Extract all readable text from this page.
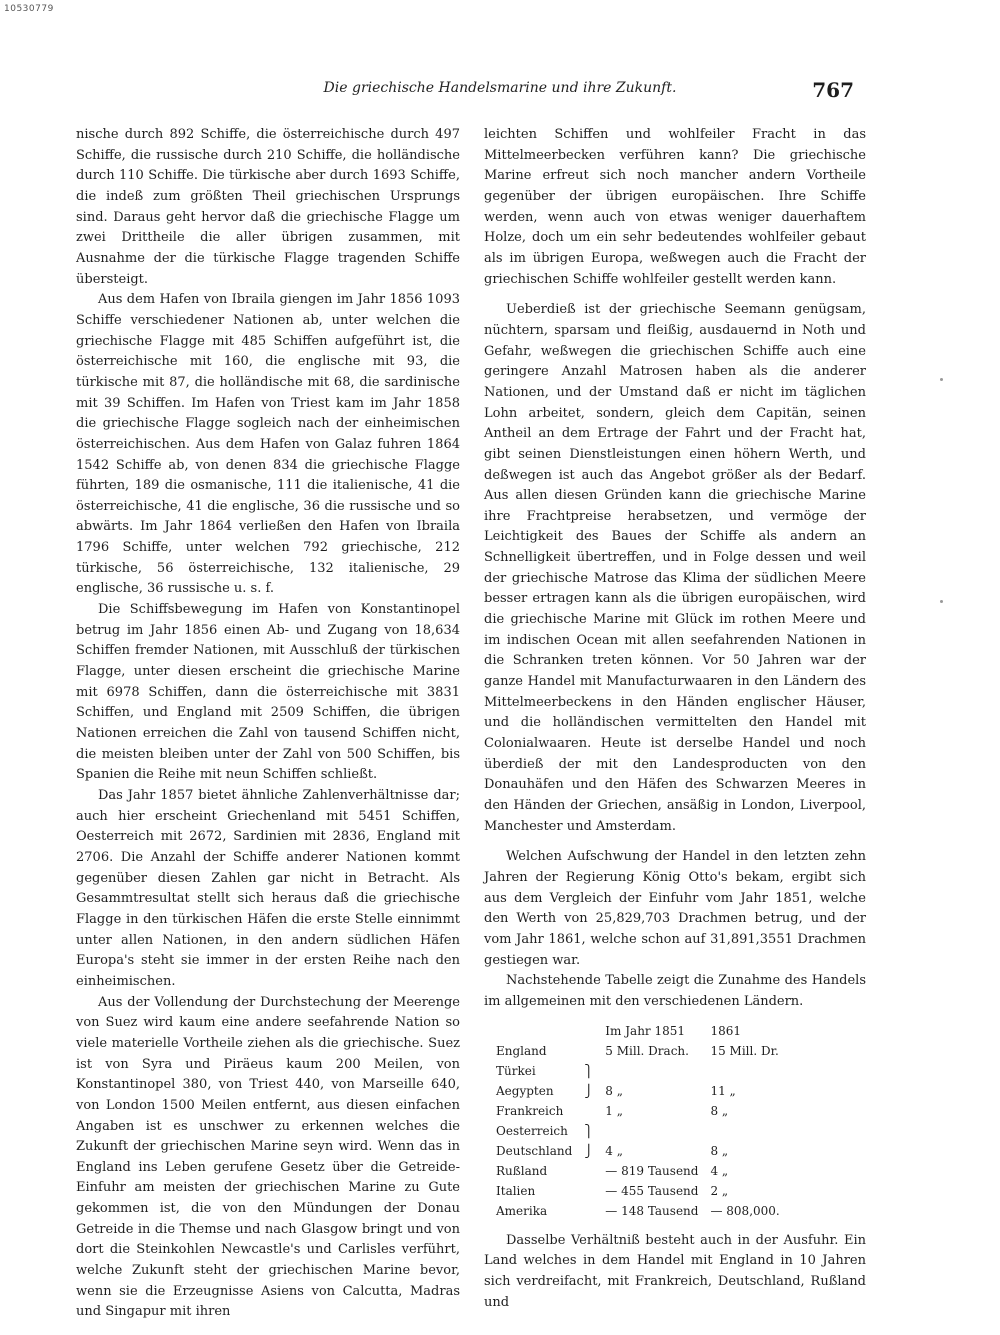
10530779
Die griechische Handelsmarine und ihre Zukunft.	767

nische durch 892 Schiffe, die österreichische durch 497 Schiffe, die russische durch 210 Schiffe, die holländische durch 110 Schiffe. Die türkische aber durch 1693 Schiffe, die indeß zum größten Theil griechischen Ursprungs sind. Daraus geht hervor daß die griechische Flagge um zwei Drittheile die aller übrigen zusammen, mit Ausnahme der die türkische Flagge tragenden Schiffe übersteigt.

Aus dem Hafen von Ibraila giengen im Jahr 1856 1093 Schiffe verschiedener Nationen ab, unter welchen die griechische Flagge mit 485 Schiffen aufgeführt ist, die österreichische mit 160, die englische mit 93, die türkische mit 87, die holländische mit 68, die sardinische mit 39 Schiffen. Im Hafen von Triest kam im Jahr 1858 die griechische Flagge sogleich nach der einheimischen österreichischen. Aus dem Hafen von Galaz fuhren 1864 1542 Schiffe ab, von denen 834 die griechische Flagge führten, 189 die osmanische, 111 die italienische, 41 die österreichische, 41 die englische, 36 die russische und so abwärts. Im Jahr 1864 verließen den Hafen von Ibraila 1796 Schiffe, unter welchen 792 griechische, 212 türkische, 56 österreichische, 132 italienische, 29 englische, 36 russische u. s. f.

Die Schiffsbewegung im Hafen von Konstantinopel betrug im Jahr 1856 einen Ab- und Zugang von 18,634 Schiffen fremder Nationen, mit Ausschluß der türkischen Flagge, unter diesen erscheint die griechische Marine mit 6978 Schiffen, dann die österreichische mit 3831 Schiffen, und England mit 2509 Schiffen, die übrigen Nationen erreichen die Zahl von tausend Schiffen nicht, die meisten bleiben unter der Zahl von 500 Schiffen, bis Spanien die Reihe mit neun Schiffen schließt.

Das Jahr 1857 bietet ähnliche Zahlenverhältnisse dar; auch hier erscheint Griechenland mit 5451 Schiffen, Oesterreich mit 2672, Sardinien mit 2836, England mit 2706. Die Anzahl der Schiffe anderer Nationen kommt gegenüber diesen Zahlen gar nicht in Betracht. Als Gesammtresultat stellt sich heraus daß die griechische Flagge in den türkischen Häfen die erste Stelle einnimmt unter allen Nationen, in den andern südlichen Häfen Europa's steht sie immer in der ersten Reihe nach den einheimischen.

Aus der Vollendung der Durchstechung der Meerenge von Suez wird kaum eine andere seefahrende Nation so viele materielle Vortheile ziehen als die griechische. Suez ist von Syra und Piräeus kaum 200 Meilen, von Konstantinopel 380, von Triest 440, von Marseille 640, von London 1500 Meilen entfernt, aus diesen einfachen Angaben ist es unschwer zu erkennen welches die Zukunft der griechischen Marine seyn wird. Wenn das in England ins Leben gerufene Gesetz über die Getreide-Einfuhr am meisten der griechischen Marine zu Gute gekommen ist, die von den Mündungen der Donau Getreide in die Themse und nach Glasgow bringt und von dort die Steinkohlen Newcastle's und Carlisles verführt, welche Zukunft steht der griechischen Marine bevor, wenn sie die Erzeugnisse Asiens von Calcutta, Madras und Singapur mit ihren

leichten Schiffen und wohlfeiler Fracht in das Mittelmeerbecken verführen kann? Die griechische Marine erfreut sich noch mancher andern Vortheile gegenüber der übrigen europäischen. Ihre Schiffe werden, wenn auch von etwas weniger dauerhaftem Holze, doch um ein sehr bedeutendes wohlfeiler gebaut als im übrigen Europa, weßwegen auch die Fracht der griechischen Schiffe wohlfeiler gestellt werden kann.

Ueberdieß ist der griechische Seemann genügsam, nüchtern, sparsam und fleißig, ausdauernd in Noth und Gefahr, weßwegen die griechischen Schiffe auch eine geringere Anzahl Matrosen haben als die anderer Nationen, und der Umstand daß er nicht im täglichen Lohn arbeitet, sondern, gleich dem Capitän, seinen Antheil an dem Ertrage der Fahrt und der Fracht hat, gibt seinen Dienstleistungen einen höhern Werth, und deßwegen ist auch das Angebot größer als der Bedarf. Aus allen diesen Gründen kann die griechische Marine ihre Frachtpreise herabsetzen, und vermöge der Leichtigkeit des Baues der Schiffe als andern an Schnelligkeit übertreffen, und in Folge dessen und weil der griechische Matrose das Klima der südlichen Meere besser ertragen kann als die übrigen europäischen, wird die griechische Marine mit Glück im rothen Meere und im indischen Ocean mit allen seefahrenden Nationen in die Schranken treten können. Vor 50 Jahren war der ganze Handel mit Manufacturwaaren in den Ländern des Mittelmeerbeckens in den Händen englischer Häuser, und die holländischen vermittelten den Handel mit Colonialwaaren. Heute ist derselbe Handel und noch überdieß der mit den Landesproducten von den Donauhäfen und den Häfen des Schwarzen Meeres in den Händen der Griechen, ansäßig in London, Liverpool, Manchester und Amsterdam.

Welchen Aufschwung der Handel in den letzten zehn Jahren der Regierung König Otto's bekam, ergibt sich aus dem Vergleich der Einfuhr vom Jahr 1851, welche den Werth von 25,829,703 Drachmen betrug, und der vom Jahr 1861, welche schon auf 31,891,3551 Drachmen gestiegen war.

Nachstehende Tabelle zeigt die Zunahme des Handels im allgemeinen mit den verschiedenen Ländern.

		Im Jahr 1851	1861
England		5 Mill. Drach.	15 Mill. Dr.
Türkei	⎫		
Aegypten	⎭	8 „	11 „
Frankreich		1 „	8 „
Oesterreich	⎫		
Deutschland	⎭	4 „	8 „
Rußland		— 819 Tausend	4 „
Italien		— 455 Tausend	2 „
Amerika		— 148 Tausend	— 808,000.

Dasselbe Verhältniß besteht auch in der Ausfuhr. Ein Land welches in dem Handel mit England in 10 Jahren sich verdreifacht, mit Frankreich, Deutschland, Rußland und
